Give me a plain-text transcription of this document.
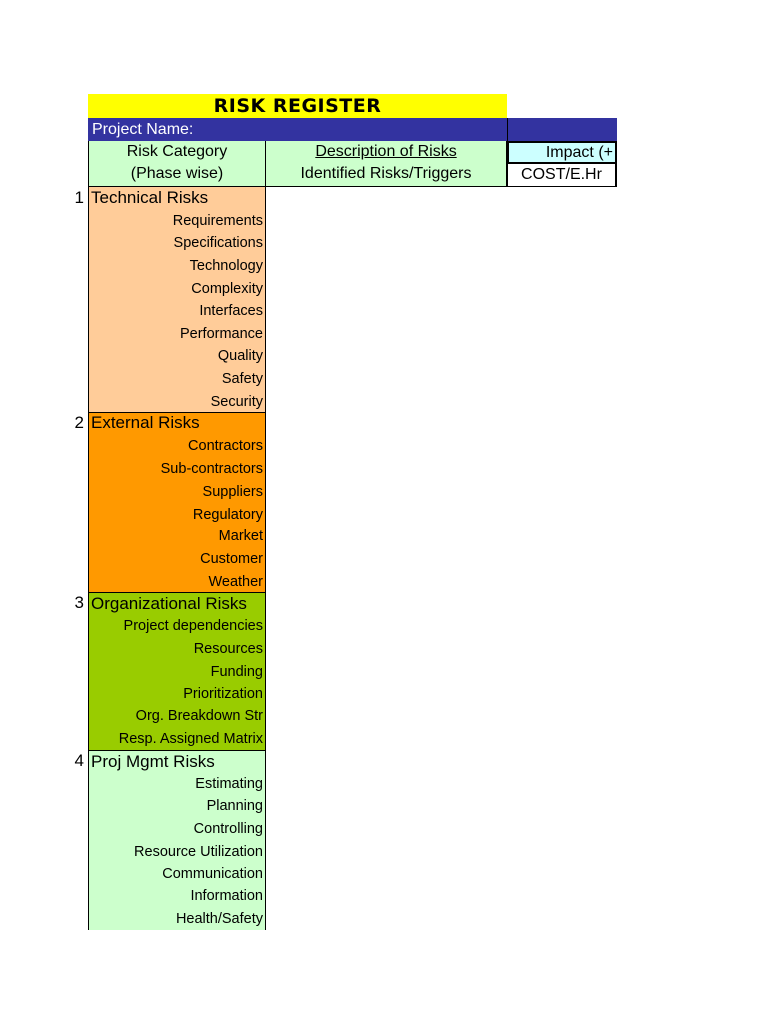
RISK REGISTER
Project Name:
Risk Category
(Phase wise)
Description of Risks
Identified Risks/Triggers
Impact (+
COST/E.Hr
1 Technical Risks
Requirements
Specifications
Technology
Complexity
Interfaces
Performance
Quality
Safety
Security
2 External Risks
Contractors
Sub-contractors
Suppliers
Regulatory
Market
Customer
Weather
3 Organizational Risks
Project dependencies
Resources
Funding
Prioritization
Org. Breakdown Str
Resp. Assigned Matrix
4 Proj Mgmt Risks
Estimating
Planning
Controlling
Resource Utilization
Communication
Information
Health/Safety
